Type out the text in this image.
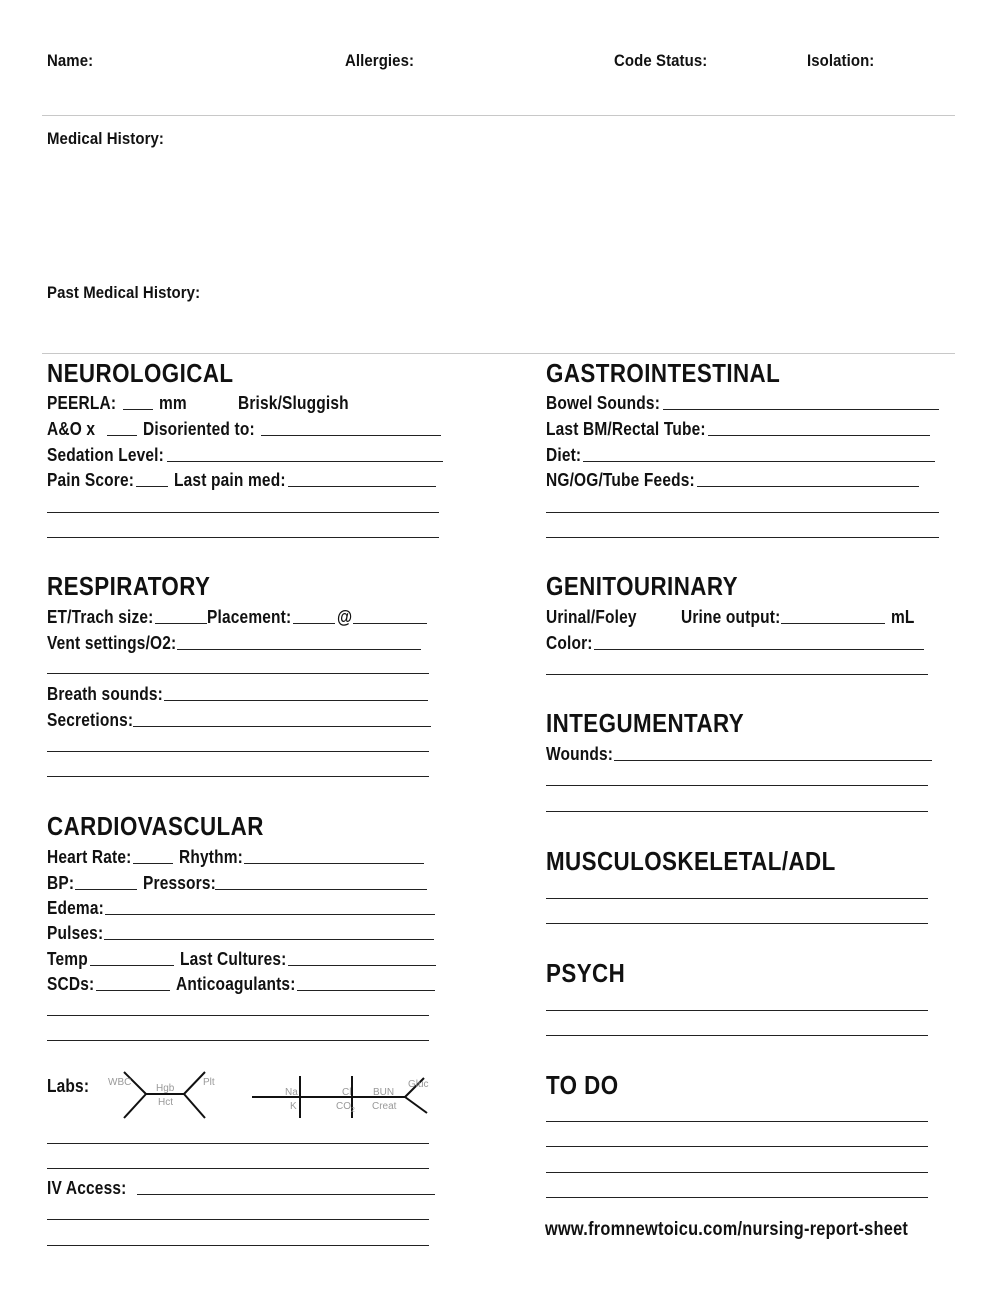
Name:	Allergies:	Code Status:	Isolation:
Medical History:
Past Medical History:
NEUROLOGICAL
PEERLA: mm	Brisk/Sluggish
A&O x	Disoriented to:
Sedation Level:
Pain Score: Last pain med:
RESPIRATORY
ET/Trach size:	Placement:	@
Vent settings/O2:
Breath sounds:
Secretions:
CARDIOVASCULAR
Heart Rate:	Rhythm:
BP:	Pressors:
Edema:
Pulses:
Temp	Last Cultures:
SCDs:	Anticoagulants:
Labs: WBC
Hgb
Hct
Plt
Na
K
Cl
$CO_2$
BUN
Creat
Gluc
IV Access:
GASTROINTESTINAL
Bowel Sounds:
Last BM/Rectal Tube:
Diet:
NG/OG/Tube Feeds:
GENITOURINARY
Urinal/Foley Urine output:	mL
Color:
INTEGUMENTARY
Wounds:
MUSCULOSKELETAL/ADL
PSYCH
TO DO
www.fromnewtoicu.com/nursing-report-sheet
